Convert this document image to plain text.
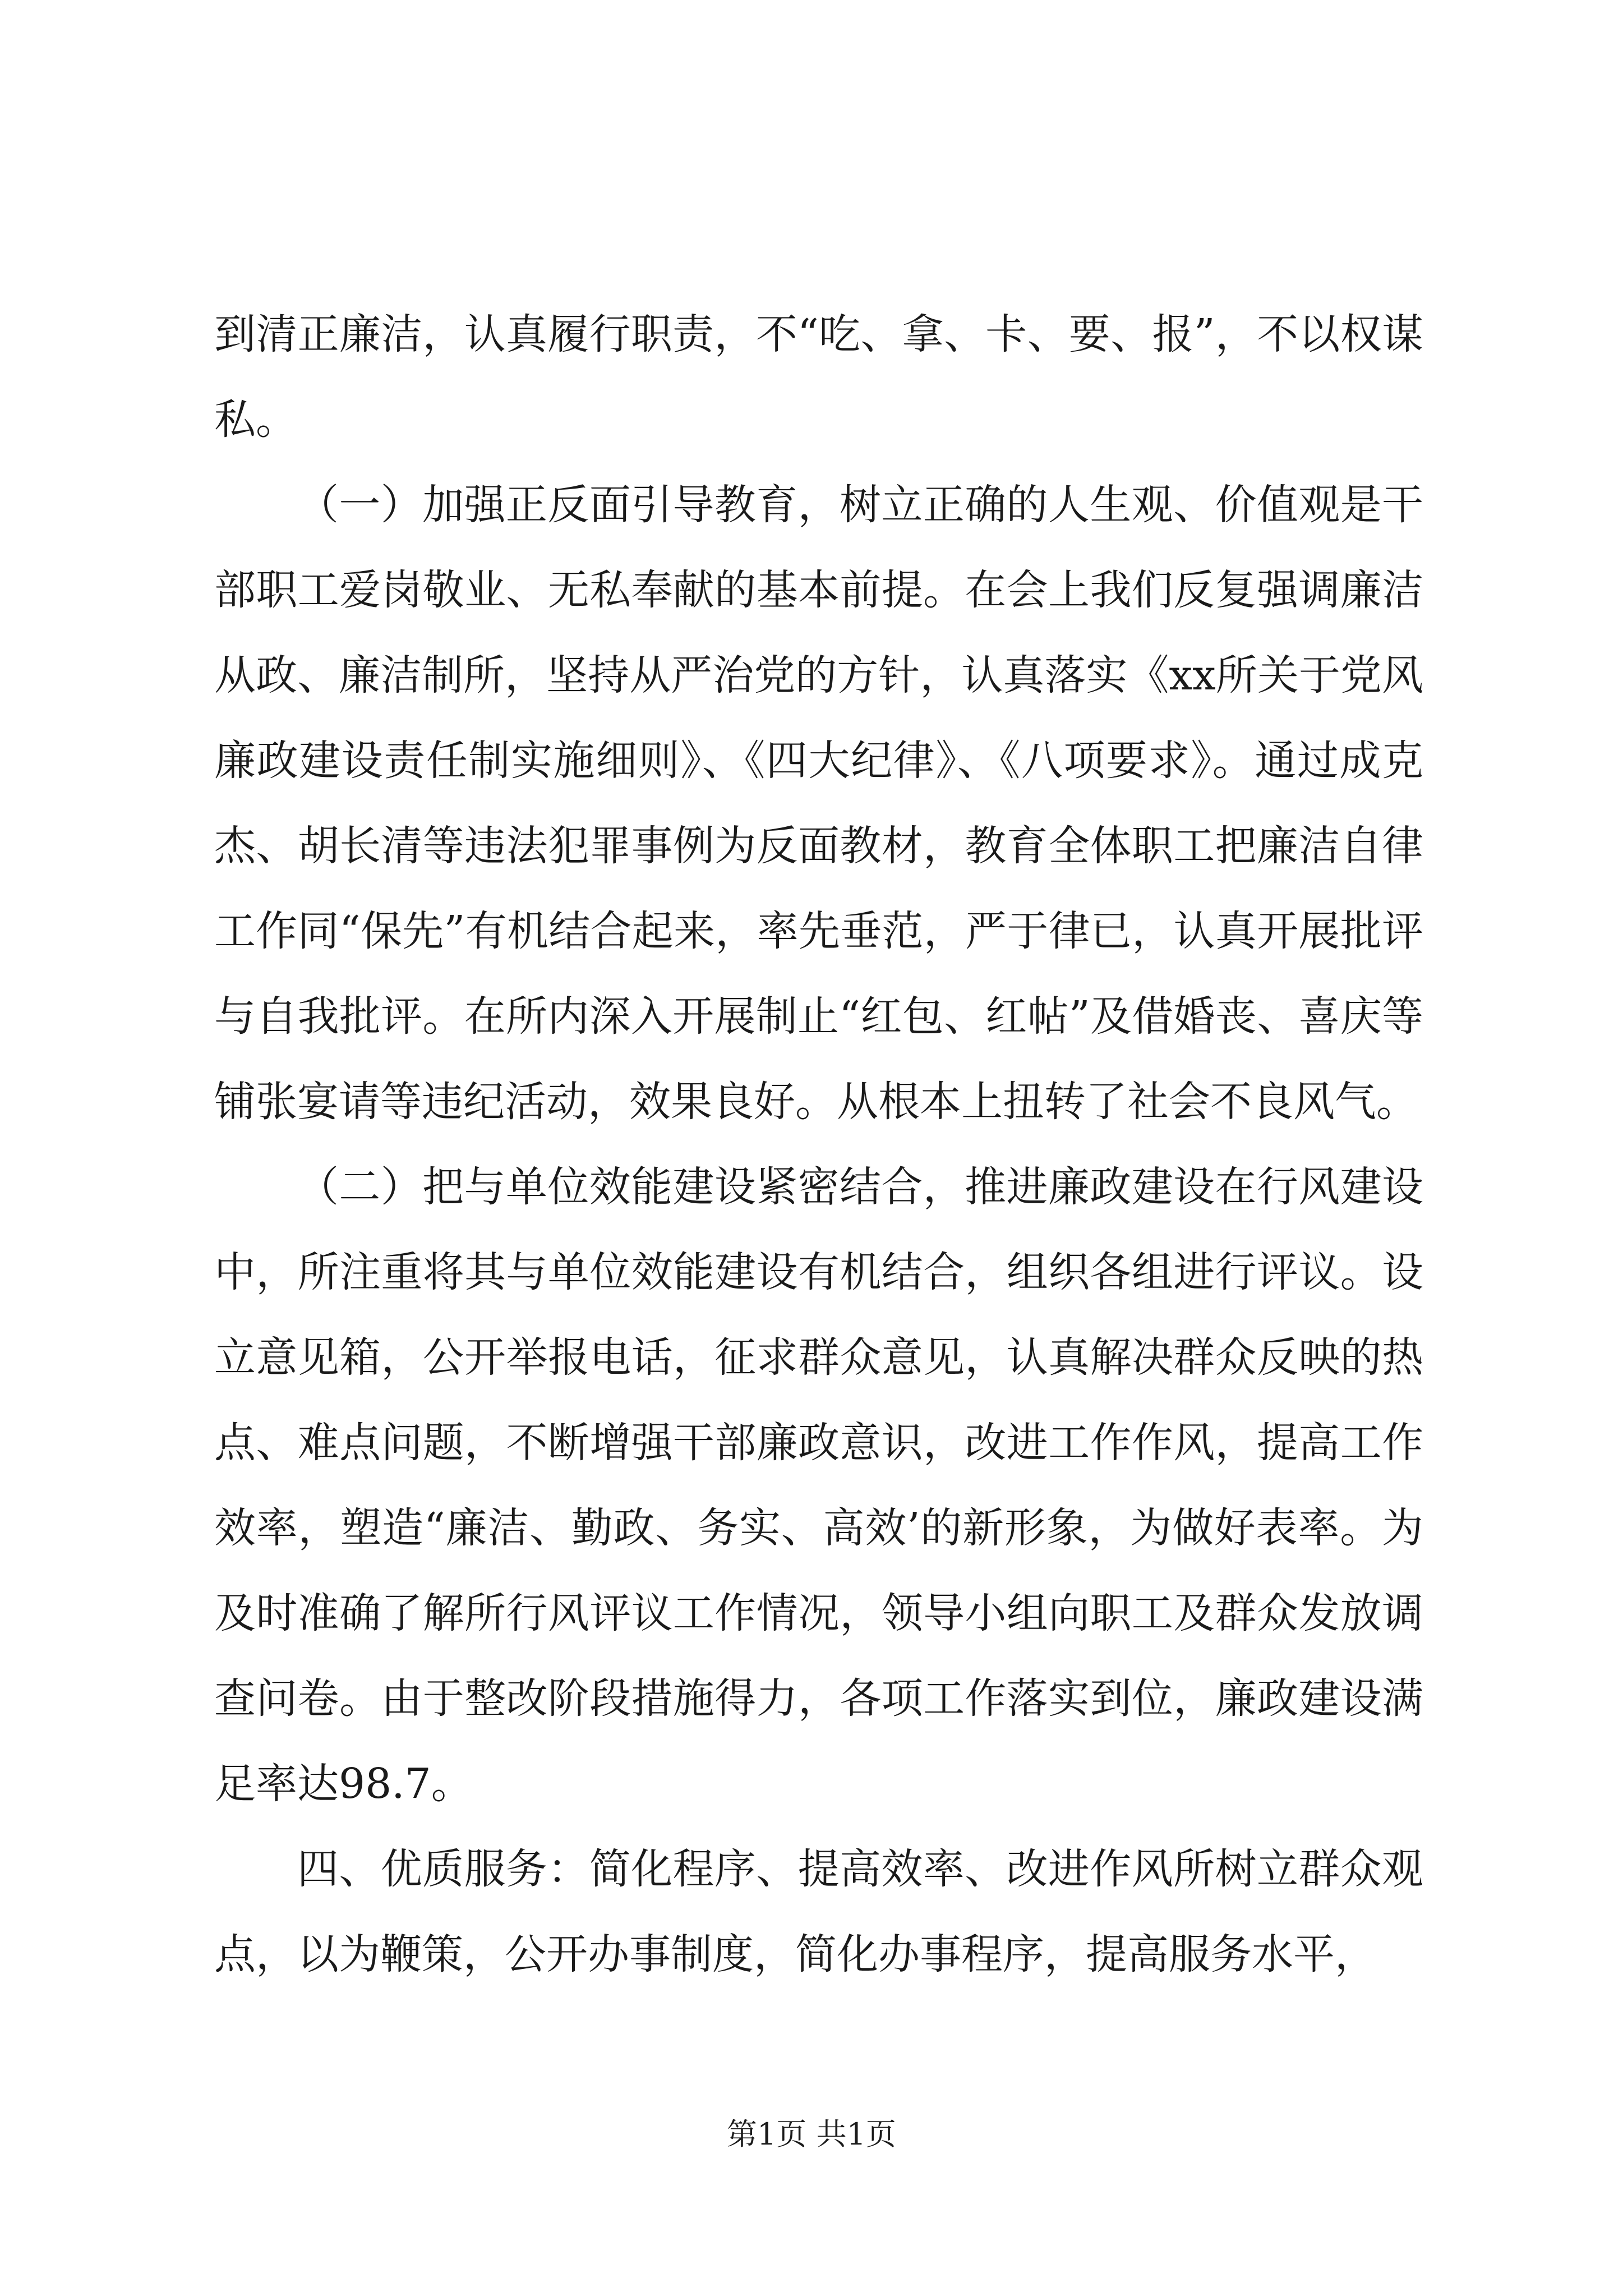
到清正廉洁，认真履行职责，不“吃、拿、卡、要、报”，不以权谋私。

（一）加强正反面引导教育，树立正确的人生观、价值观是干部职工爱岗敬业、无私奉献的基本前提。在会上我们反复强调廉洁从政、廉洁制所，坚持从严治党的方针，认真落实《xx所关于党风廉政建设责任制实施细则》、《四大纪律》、《八项要求》。通过成克杰、胡长清等违法犯罪事例为反面教材，教育全体职工把廉洁自律工作同“保先”有机结合起来，率先垂范，严于律已，认真开展批评与自我批评。在所内深入开展制止“红包、红帖”及借婚丧、喜庆等铺张宴请等违纪活动，效果良好。从根本上扭转了社会不良风气。

（二）把与单位效能建设紧密结合，推进廉政建设在行风建设中，所注重将其与单位效能建设有机结合，组织各组进行评议。设立意见箱，公开举报电话，征求群众意见，认真解决群众反映的热点、难点问题，不断增强干部廉政意识，改进工作作风，提高工作效率，塑造“廉洁、勤政、务实、高效’的新形象，为做好表率。为及时准确了解所行风评议工作情况，领导小组向职工及群众发放调查问卷。由于整改阶段措施得力，各项工作落实到位，廉政建设满足率达98.7。

四、优质服务：简化程序、提高效率、改进作风所树立群众观点，以为鞭策，公开办事制度，简化办事程序，提高服务水平，

第1页 共1页
